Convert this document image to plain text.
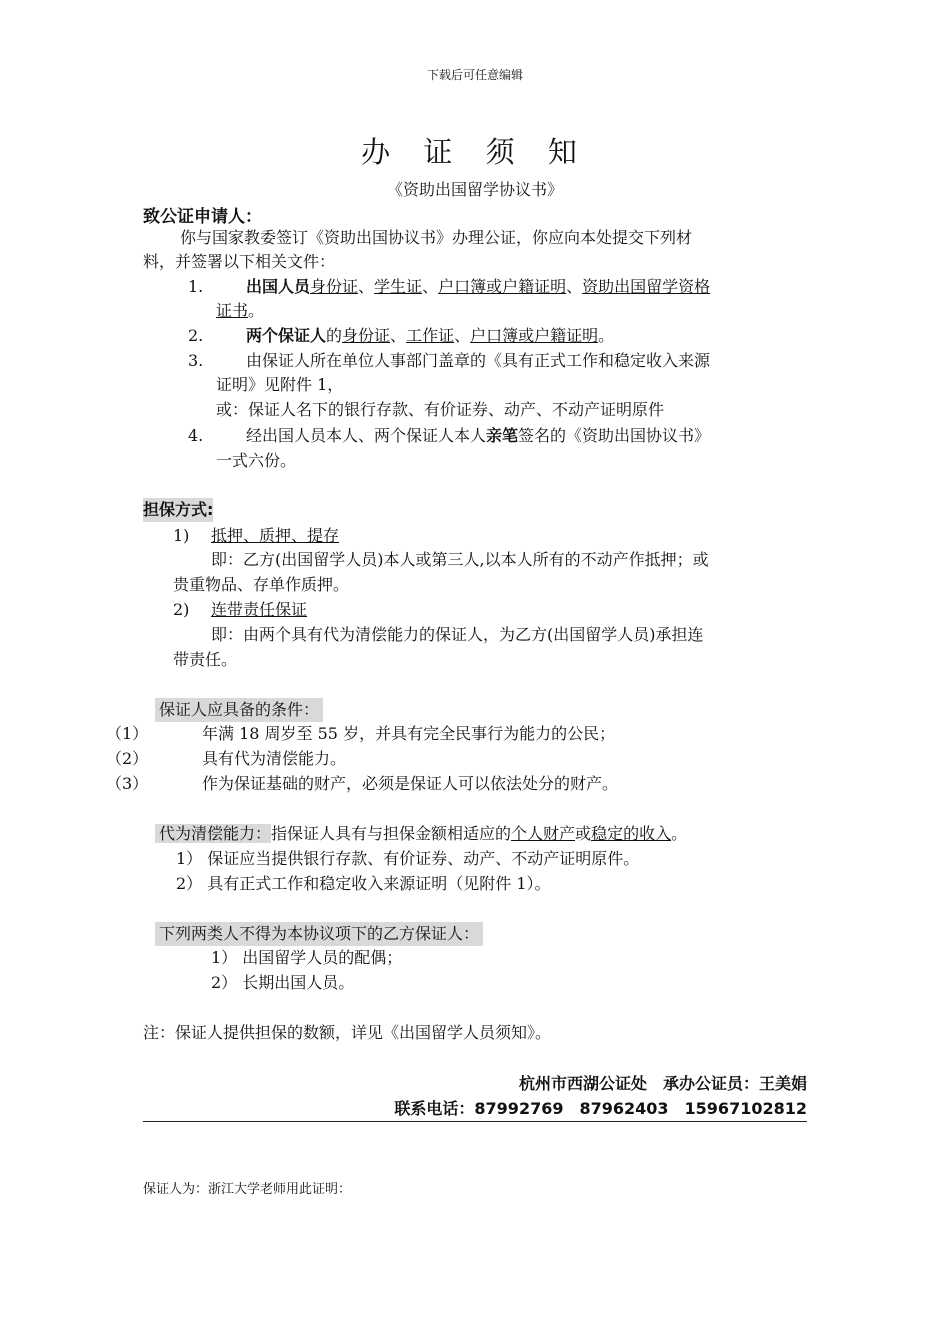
下载后可任意编辑
办 证 须 知
《资助出国留学协议书》
致公证申请人：
你与国家教委签订《资助出国协议书》办理公证，你应向本处提交下列材
料，并签署以下相关文件：
1.	出国人员身份证、学生证、户口簿或户籍证明、资助出国留学资格
证书。
2.	两个保证人的身份证、工作证、户口簿或户籍证明。
3.	由保证人所在单位人事部门盖章的《具有正式工作和稳定收入来源
证明》见附件 1，
或：保证人名下的银行存款、有价证券、动产、不动产证明原件
4.	经出国人员本人、两个保证人本人亲笔签名的《资助出国协议书》
一式六份。
担保方式:
1) 抵押、质押、提存
即：乙方(出国留学人员)本人或第三人,以本人所有的不动产作抵押；或
贵重物品、存单作质押。
2) 连带责任保证
即：由两个具有代为清偿能力的保证人，为乙方(出国留学人员)承担连
带责任。
保证人应具备的条件：
（1）	年满 18 周岁至 55 岁，并具有完全民事行为能力的公民；
（2）	具有代为清偿能力。
（3）	作为保证基础的财产，必须是保证人可以依法处分的财产。
代为清偿能力：指保证人具有与担保金额相适应的个人财产或稳定的收入。
1） 保证应当提供银行存款、有价证券、动产、不动产证明原件。
2） 具有正式工作和稳定收入来源证明（见附件 1）。
下列两类人不得为本协议项下的乙方保证人：
1） 出国留学人员的配偶；
2） 长期出国人员。
注：保证人提供担保的数额，详见《出国留学人员须知》。
杭州市西湖公证处　承办公证员：王美娟
联系电话：87992769　87962403　15967102812
保证人为：浙江大学老师用此证明：
